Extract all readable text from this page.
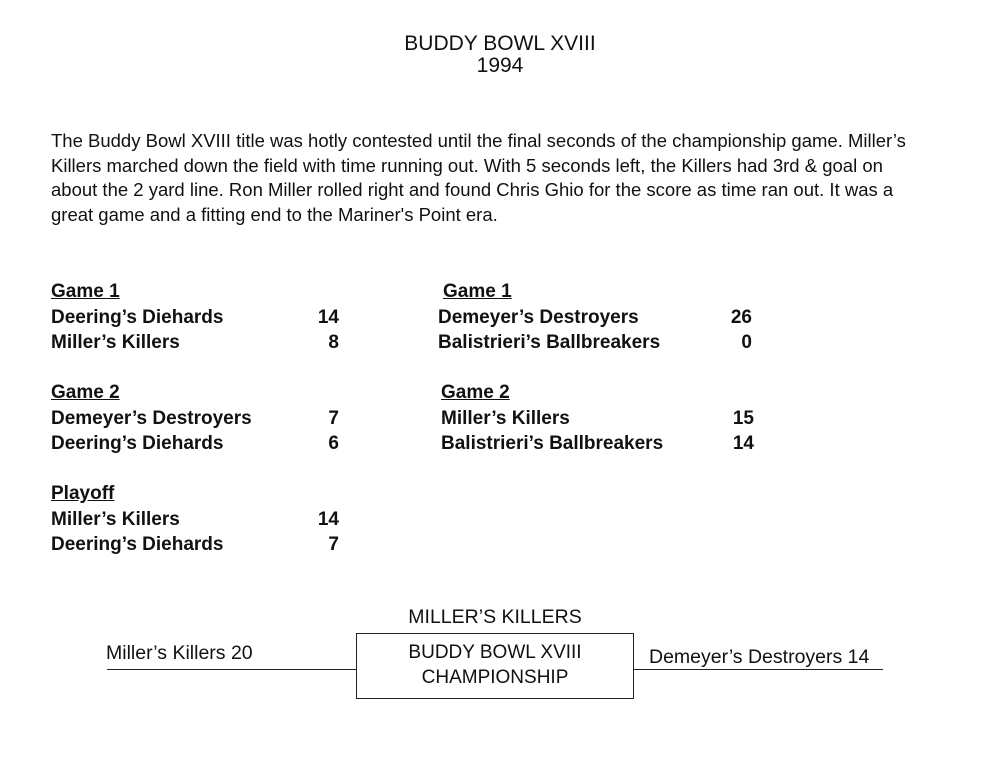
BUDDY BOWL XVIII
1994

The Buddy Bowl XVIII title was hotly contested until the final seconds of the championship game. Miller’s Killers marched down the field with time running out. With 5 seconds left, the Killers had 3rd & goal on about the 2 yard line. Ron Miller rolled right and found Chris Ghio for the score as time ran out. It was a great game and a fitting end to the Mariner's Point era.

Game 1
Deering’s Diehards	14
Miller’s Killers	8
Game 2
Demeyer’s Destroyers	7
Deering’s Diehards	6
Playoff
Miller’s Killers	14
Deering’s Diehards	7
Game 1
Demeyer’s Destroyers	26
Balistrieri’s Ballbreakers	0
Game 2
Miller’s Killers	15
Balistrieri’s Ballbreakers	14
MILLER’S KILLERS
Miller’s Killers 20	Demeyer’s Destroyers 14
BUDDY BOWL XVIII
CHAMPIONSHIP
